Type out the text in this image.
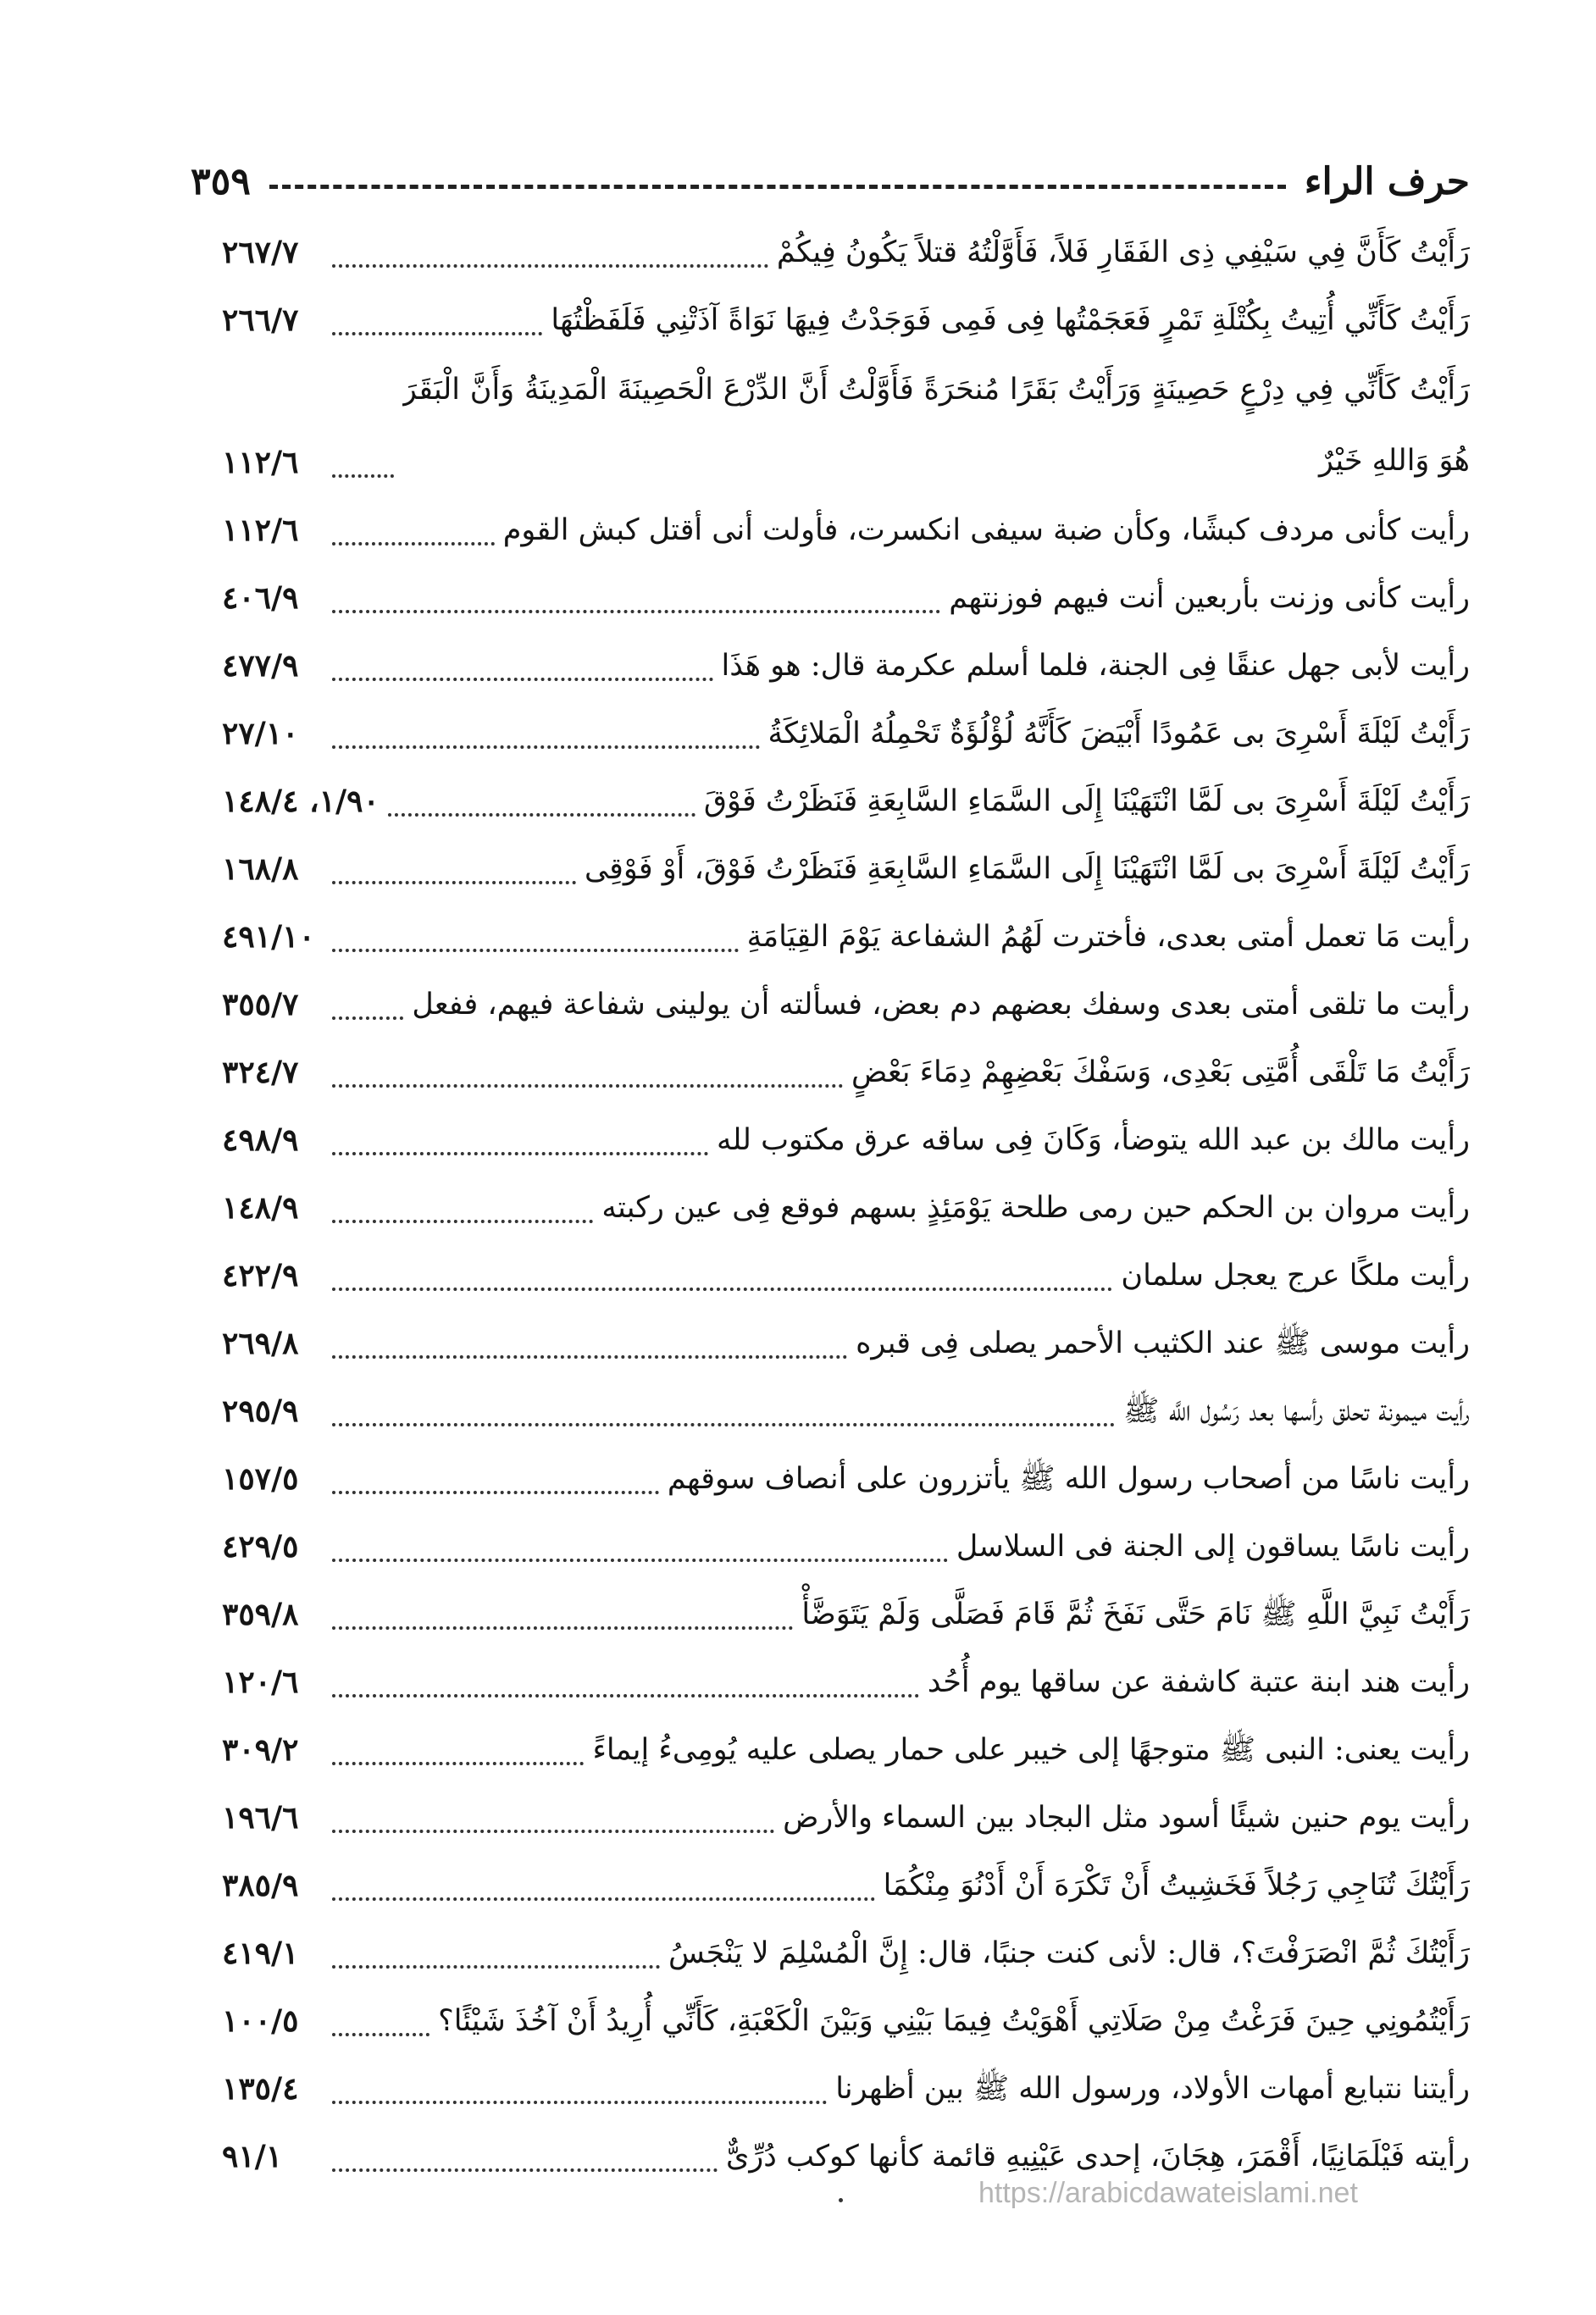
حرف الراء
٣٥٩
رَأَيْتُ كَأَنَّ فِي سَيْفِي ذِى الفَقَارِ فَلاً، فَأَوَّلْتُهُ قتلاً يَكُونُ فِيكُمْ
٢٦٧/٧
رَأَيْتُ كَأَنِّي أُتِيتُ بِكُتْلَةِ تَمْرٍ فَعَجَمْتُها فِى فَمِى فَوَجَدْتُ فِيهَا نَوَاةً آذَتْنِي فَلَفَظْتُهَا
٢٦٦/٧
رَأَيْتُ كَأَنِّي فِي دِرْعٍ حَصِينَةٍ وَرَأَيْتُ بَقَرًا مُنحَرَةً فَأَوَّلْتُ أَنَّ الدِّرْعَ الْحَصِينَةَ الْمَدِينَةُ وَأَنَّ الْبَقَرَ هُوَ وَاللهِ خَيْرٌ
١١٢/٦
رأيت كأنى مردف كبشًا، وكأن ضبة سيفى انكسرت، فأولت أنى أقتل كبش القوم
١١٢/٦
رأيت كأنى وزنت بأربعين أنت فيهم فوزنتهم
٤٠٦/٩
رأيت لأبى جهل عنقًا فِى الجنة، فلما أسلم عكرمة قال: هو هَذَا
٤٧٧/٩
رَأَيْتُ لَيْلَةَ أَسْرِىَ بى عَمُودًا أَبْيَضَ كَأَنَّهُ لُؤْلُؤَةٌ تَحْمِلُهُ الْمَلائِكَةُ
٢٧/١٠
رَأَيْتُ لَيْلَةَ أَسْرِىَ بى لَمَّا انْتَهَيْنَا إِلَى السَّمَاءِ السَّابِعَةِ فَنَظَرْتُ فَوْقَ
١/٩٠، ١٤٨/٤
رَأَيْتُ لَيْلَةَ أَسْرِىَ بى لَمَّا انْتَهَيْنَا إِلَى السَّمَاءِ السَّابِعَةِ فَنَظَرْتُ فَوْقَ، أَوْ فَوْقِى
١٦٨/٨
رأيت مَا تعمل أمتى بعدى، فأخترت لَهُمُ الشفاعة يَوْمَ القِيَامَةِ
٤٩١/١٠
رأيت ما تلقى أمتى بعدى وسفك بعضهم دم بعض، فسألته أن يولينى شفاعة فيهم، ففعل
٣٥٥/٧
رَأَيْتُ مَا تَلْقَى أُمَّتِى بَعْدِى، وَسَفْكَ بَعْضِهِمْ دِمَاءَ بَعْضٍ
٣٢٤/٧
رأيت مالك بن عبد الله يتوضأ، وَكَانَ فِى ساقه عرق مكتوب لله
٤٩٨/٩
رأيت مروان بن الحكم حين رمى طلحة يَوْمَئِذٍ بسهم فوقع فِى عين ركبته
١٤٨/٩
رأيت ملكًا عرج يعجل سلمان
٤٢٢/٩
رأيت موسى ﷺ عند الكثيب الأحمر يصلى فِى قبره
٢٦٩/٨
رأيت ميمونة تحلق رأسها بعد رَسُول اللَّه ﷺ
٢٩٥/٩
رأيت ناسًا من أصحاب رسول الله ﷺ يأتزرون على أنصاف سوقهم
١٥٧/٥
رأيت ناسًا يساقون إلى الجنة فى السلاسل
٤٢٩/٥
رَأَيْتُ نَبِيَّ اللَّهِ ﷺ نَامَ حَتَّى نَفَخَ ثُمَّ قَامَ فَصَلَّى وَلَمْ يَتَوَضَّأْ
٣٥٩/٨
رأيت هند ابنة عتبة كاشفة عن ساقها يوم أُحُد
١٢٠/٦
رأيت يعنى: النبى ﷺ متوجهًا إلى خيبر على حمار يصلى عليه يُومِىءُ إيماءً
٣٠٩/٢
رأيت يوم حنين شيئًا أسود مثل البجاد بين السماء والأرض
١٩٦/٦
رَأَيْتُكَ تُنَاجِي رَجُلاً فَخَشِيتُ أَنْ تَكْرَهَ أَنْ أَدْنُوَ مِنْكُمَا
٣٨٥/٩
رَأَيْتُكَ ثُمَّ انْصَرَفْتَ؟، قال: لأنى كنت جنبًا، قال: إِنَّ الْمُسْلِمَ لا يَنْجَسُ
٤١٩/١
رَأَيْتُمُونِي حِينَ فَرَغْتُ مِنْ صَلَاتِي أَهْوَيْتُ فِيمَا بَيْنِي وَبَيْنَ الْكَعْبَةِ، كَأَنِّي أُرِيدُ أَنْ آخُذَ شَيْئًا؟
١٠٠/٥
رأيتنا نتبايع أمهات الأولاد، ورسول الله ﷺ بين أظهرنا
١٣٥/٤
رأيته فَيْلَمَانِيًا، أَقْمَرَ، هِجَانَ، إحدى عَيْنِيهِ قائمة كأنها كوكب دُرِّىٌّ
٩١/١
https://arabicdawateislami.net
